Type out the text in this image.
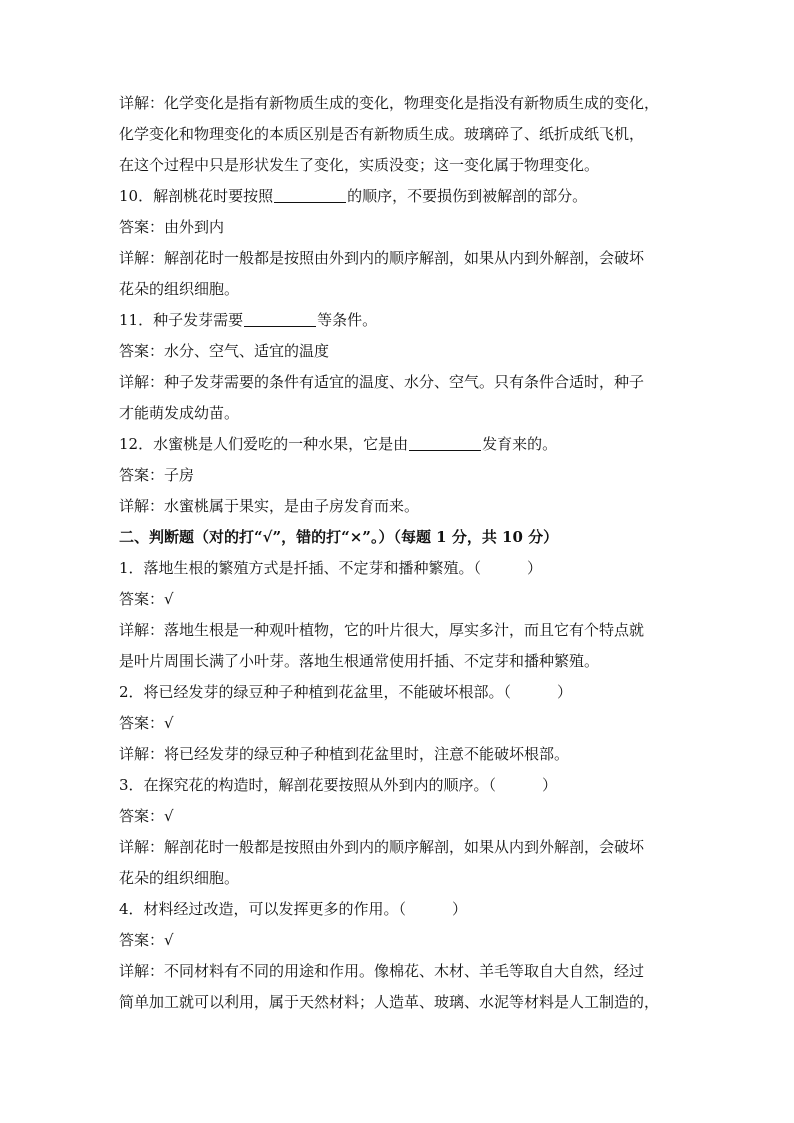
详解：化学变化是指有新物质生成的变化，物理变化是指没有新物质生成的变化，
化学变化和物理变化的本质区别是否有新物质生成。玻璃碎了、纸折成纸飞机，
在这个过程中只是形状发生了变化，实质没变；这一变化属于物理变化。
10．解剖桃花时要按照	的顺序，不要损伤到被解剖的部分。
答案：由外到内
详解：解剖花时一般都是按照由外到内的顺序解剖，如果从内到外解剖，会破坏
花朵的组织细胞。
11．种子发芽需要	等条件。
答案：水分、空气、适宜的温度
详解：种子发芽需要的条件有适宜的温度、水分、空气。只有条件合适时，种子
才能萌发成幼苗。
12．水蜜桃是人们爱吃的一种水果，它是由	发育来的。
答案：子房
详解：水蜜桃属于果实，是由子房发育而来。
二、判断题（对的打“√”，错的打“×”。）（每题 1 分，共 10 分）
1．落地生根的繁殖方式是扦插、不定芽和播种繁殖。（	）
答案：√
详解：落地生根是一种观叶植物，它的叶片很大，厚实多汁，而且它有个特点就
是叶片周围长满了小叶芽。落地生根通常使用扦插、不定芽和播种繁殖。
2．将已经发芽的绿豆种子种植到花盆里，不能破坏根部。（	）
答案：√
详解：将已经发芽的绿豆种子种植到花盆里时，注意不能破坏根部。
3．在探究花的构造时，解剖花要按照从外到内的顺序。（	）
答案：√
详解：解剖花时一般都是按照由外到内的顺序解剖，如果从内到外解剖，会破坏
花朵的组织细胞。
4．材料经过改造，可以发挥更多的作用。（	）
答案：√
详解：不同材料有不同的用途和作用。像棉花、木材、羊毛等取自大自然，经过
简单加工就可以利用，属于天然材料；人造革、玻璃、水泥等材料是人工制造的，
